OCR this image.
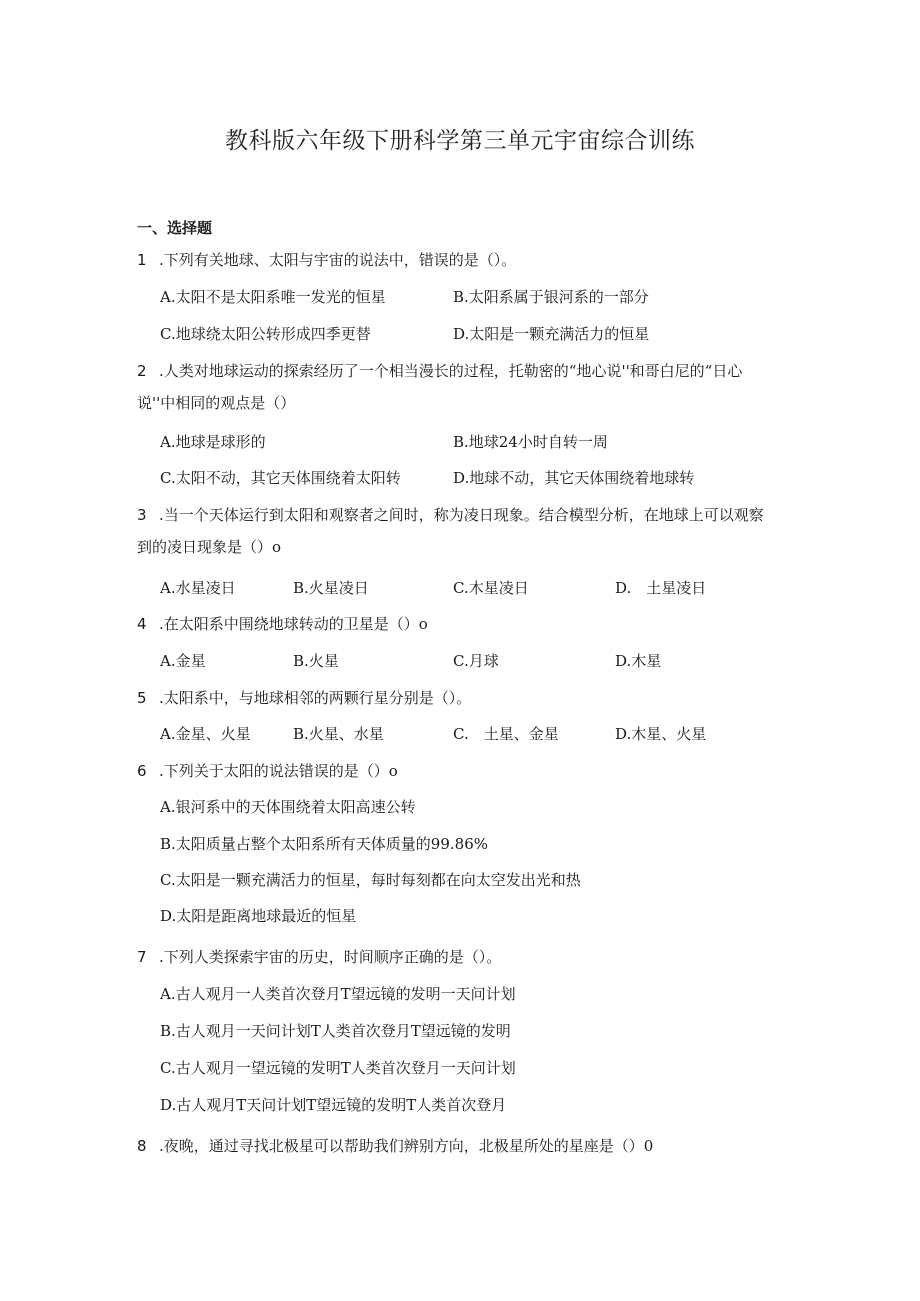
教科版六年级下册科学第三单元宇宙综合训练
一、选择题
1 .下列有关地球、太阳与宇宙的说法中，错误的是（）。
A.太阳不是太阳系唯一发光的恒星	B.太阳系属于银河系的一部分
C.地球绕太阳公转形成四季更替	D.太阳是一颗充满活力的恒星
2 .人类对地球运动的探索经历了一个相当漫长的过程，托勒密的“地心说''和哥白尼的“日心
说''中相同的观点是（）
A.地球是球形的	B.地球24小时自转一周
C.太阳不动，其它天体围绕着太阳转	D.地球不动，其它天体围绕着地球转
3 .当一个天体运行到太阳和观察者之间时，称为凌日现象。结合模型分析，在地球上可以观察
到的凌日现象是（）o
A.水星凌日	B.火星凌日	C.木星凌日	D.　土星凌日
4 .在太阳系中围绕地球转动的卫星是（）o
A.金星	B.火星	C.月球	D.木星
5 .太阳系中，与地球相邻的两颗行星分别是（）。
A.金星、火星	B.火星、水星	C.　土星、金星	D.木星、火星
6 .下列关于太阳的说法错误的是（）o
A.银河系中的天体围绕着太阳高速公转
B.太阳质量占整个太阳系所有天体质量的99.86%
C.太阳是一颗充满活力的恒星，每时每刻都在向太空发出光和热
D.太阳是距离地球最近的恒星
7 .下列人类探索宇宙的历史，时间顺序正确的是（）。
A.古人观月一人类首次登月T望远镜的发明一天问计划
B.古人观月一天问计划T人类首次登月T望远镜的发明
C.古人观月一望远镜的发明T人类首次登月一天问计划
D.古人观月T天问计划T望远镜的发明T人类首次登月
8 .夜晚，通过寻找北极星可以帮助我们辨别方向，北极星所处的星座是（）0
